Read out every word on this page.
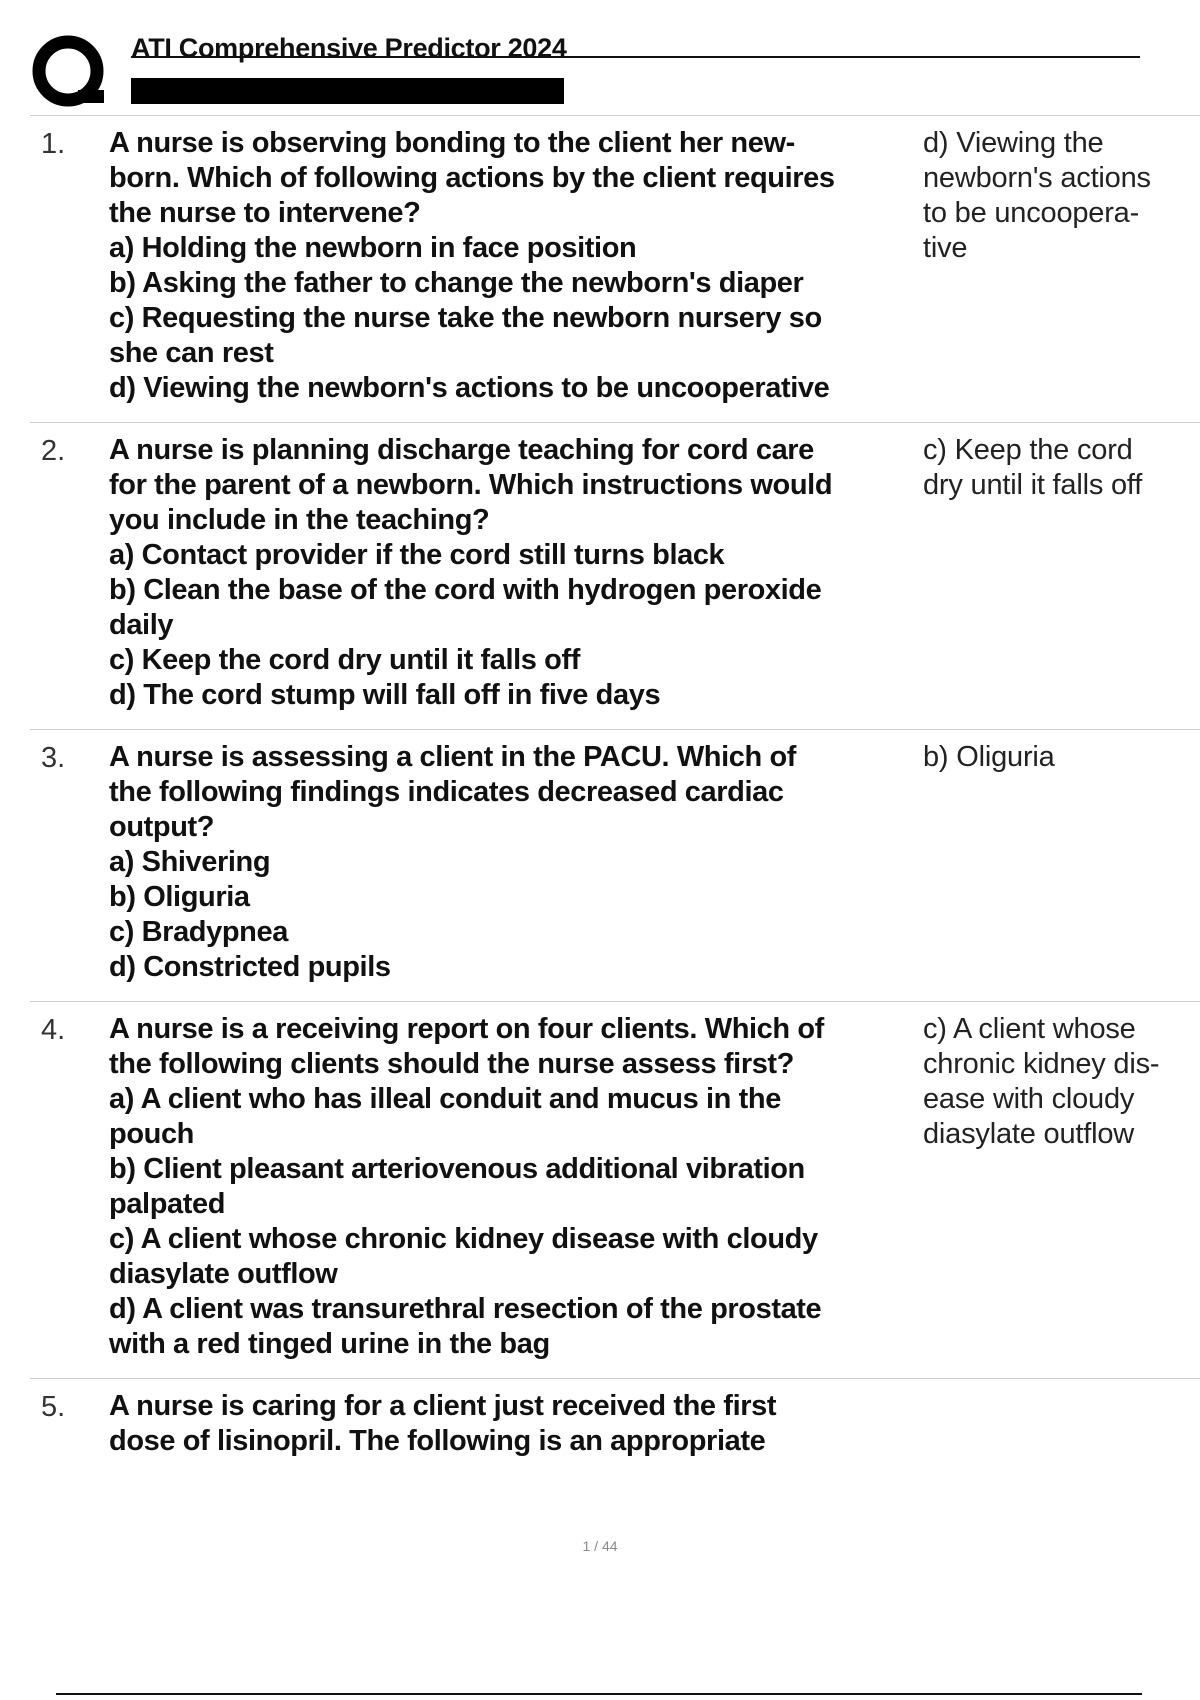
ATI Comprehensive Predictor 2024
1. A nurse is observing bonding to the client her new-
born. Which of following actions by the client requires
the nurse to intervene?
a) Holding the newborn in face position
b) Asking the father to change the newborn's diaper
c) Requesting the nurse take the newborn nursery so
she can rest
d) Viewing the newborn's actions to be uncooperative
d) Viewing the
newborn's actions
to be uncoopera-
tive
2. A nurse is planning discharge teaching for cord care
for the parent of a newborn. Which instructions would
you include in the teaching?
a) Contact provider if the cord still turns black
b) Clean the base of the cord with hydrogen peroxide
daily
c) Keep the cord dry until it falls off
d) The cord stump will fall off in five days
c) Keep the cord
dry until it falls off
3. A nurse is assessing a client in the PACU. Which of
the following findings indicates decreased cardiac
output?
a) Shivering
b) Oliguria
c) Bradypnea
d) Constricted pupils
b) Oliguria
4. A nurse is a receiving report on four clients. Which of
the following clients should the nurse assess first?
a) A client who has illeal conduit and mucus in the
pouch
b) Client pleasant arteriovenous additional vibration
palpated
c) A client whose chronic kidney disease with cloudy
diasylate outflow
d) A client was transurethral resection of the prostate
with a red tinged urine in the bag
c) A client whose
chronic kidney dis-
ease with cloudy
diasylate outflow
5. A nurse is caring for a client just received the first
dose of lisinopril. The following is an appropriate
1 / 44
